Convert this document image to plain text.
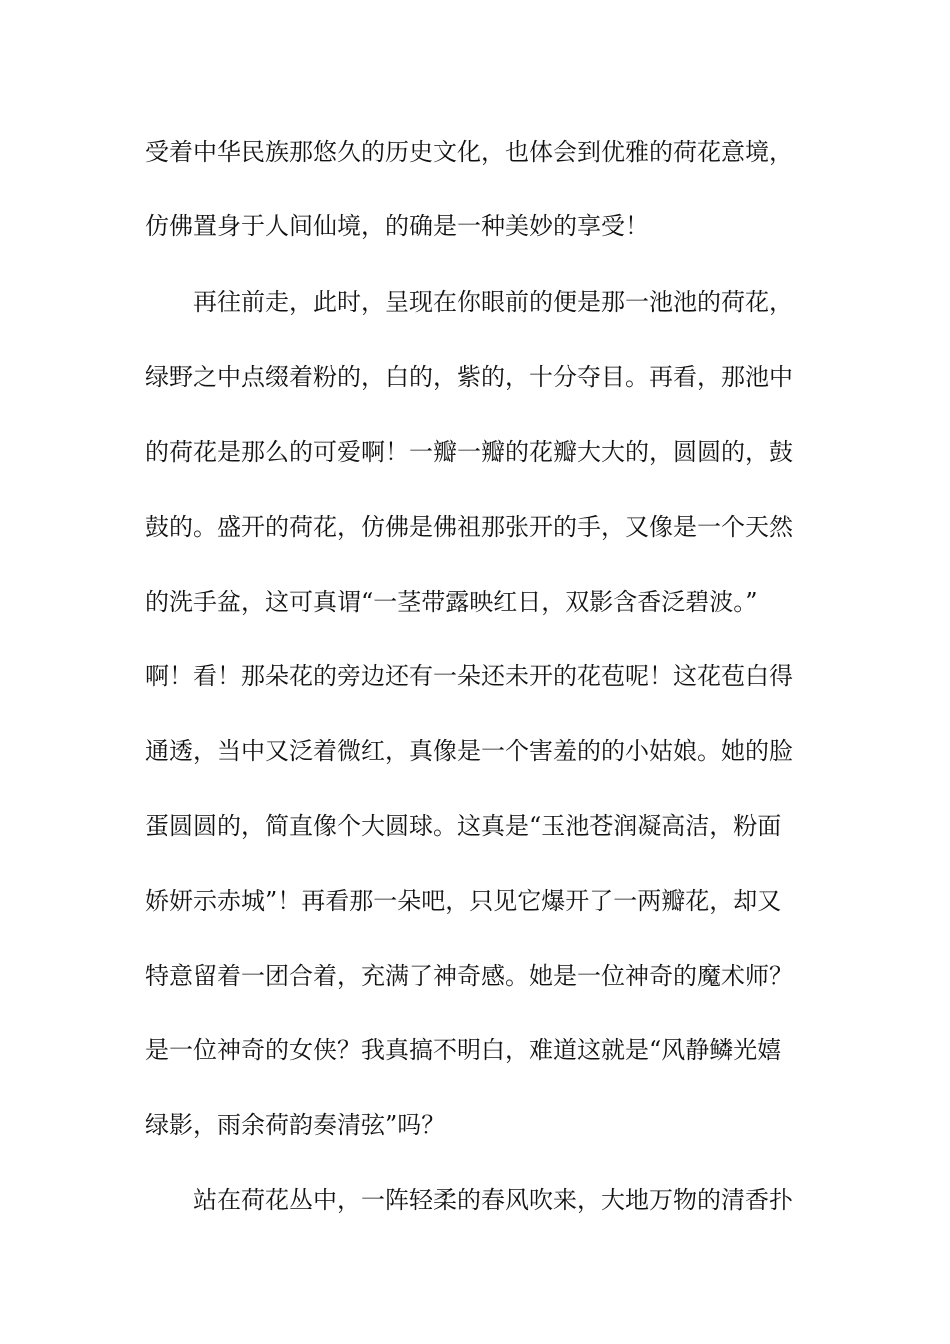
受着中华民族那悠久的历史文化，也体会到优雅的荷花意境，
仿佛置身于人间仙境，的确是一种美妙的享受！
再往前走，此时，呈现在你眼前的便是那一池池的荷花，
绿野之中点缀着粉的，白的，紫的，十分夺目。再看，那池中
的荷花是那么的可爱啊！一瓣一瓣的花瓣大大的，圆圆的，鼓
鼓的。盛开的荷花，仿佛是佛祖那张开的手，又像是一个天然
的洗手盆，这可真谓“一茎带露映红日，双影含香泛碧波。”
啊！看！那朵花的旁边还有一朵还未开的花苞呢！这花苞白得
通透，当中又泛着微红，真像是一个害羞的的小姑娘。她的脸
蛋圆圆的，简直像个大圆球。这真是“玉池苍润凝高洁，粉面
娇妍示赤城”！再看那一朵吧，只见它爆开了一两瓣花，却又
特意留着一团合着，充满了神奇感。她是一位神奇的魔术师？
是一位神奇的女侠？我真搞不明白，难道这就是“风静鳞光嬉
绿影，雨余荷韵奏清弦”吗？
站在荷花丛中，一阵轻柔的春风吹来，大地万物的清香扑
